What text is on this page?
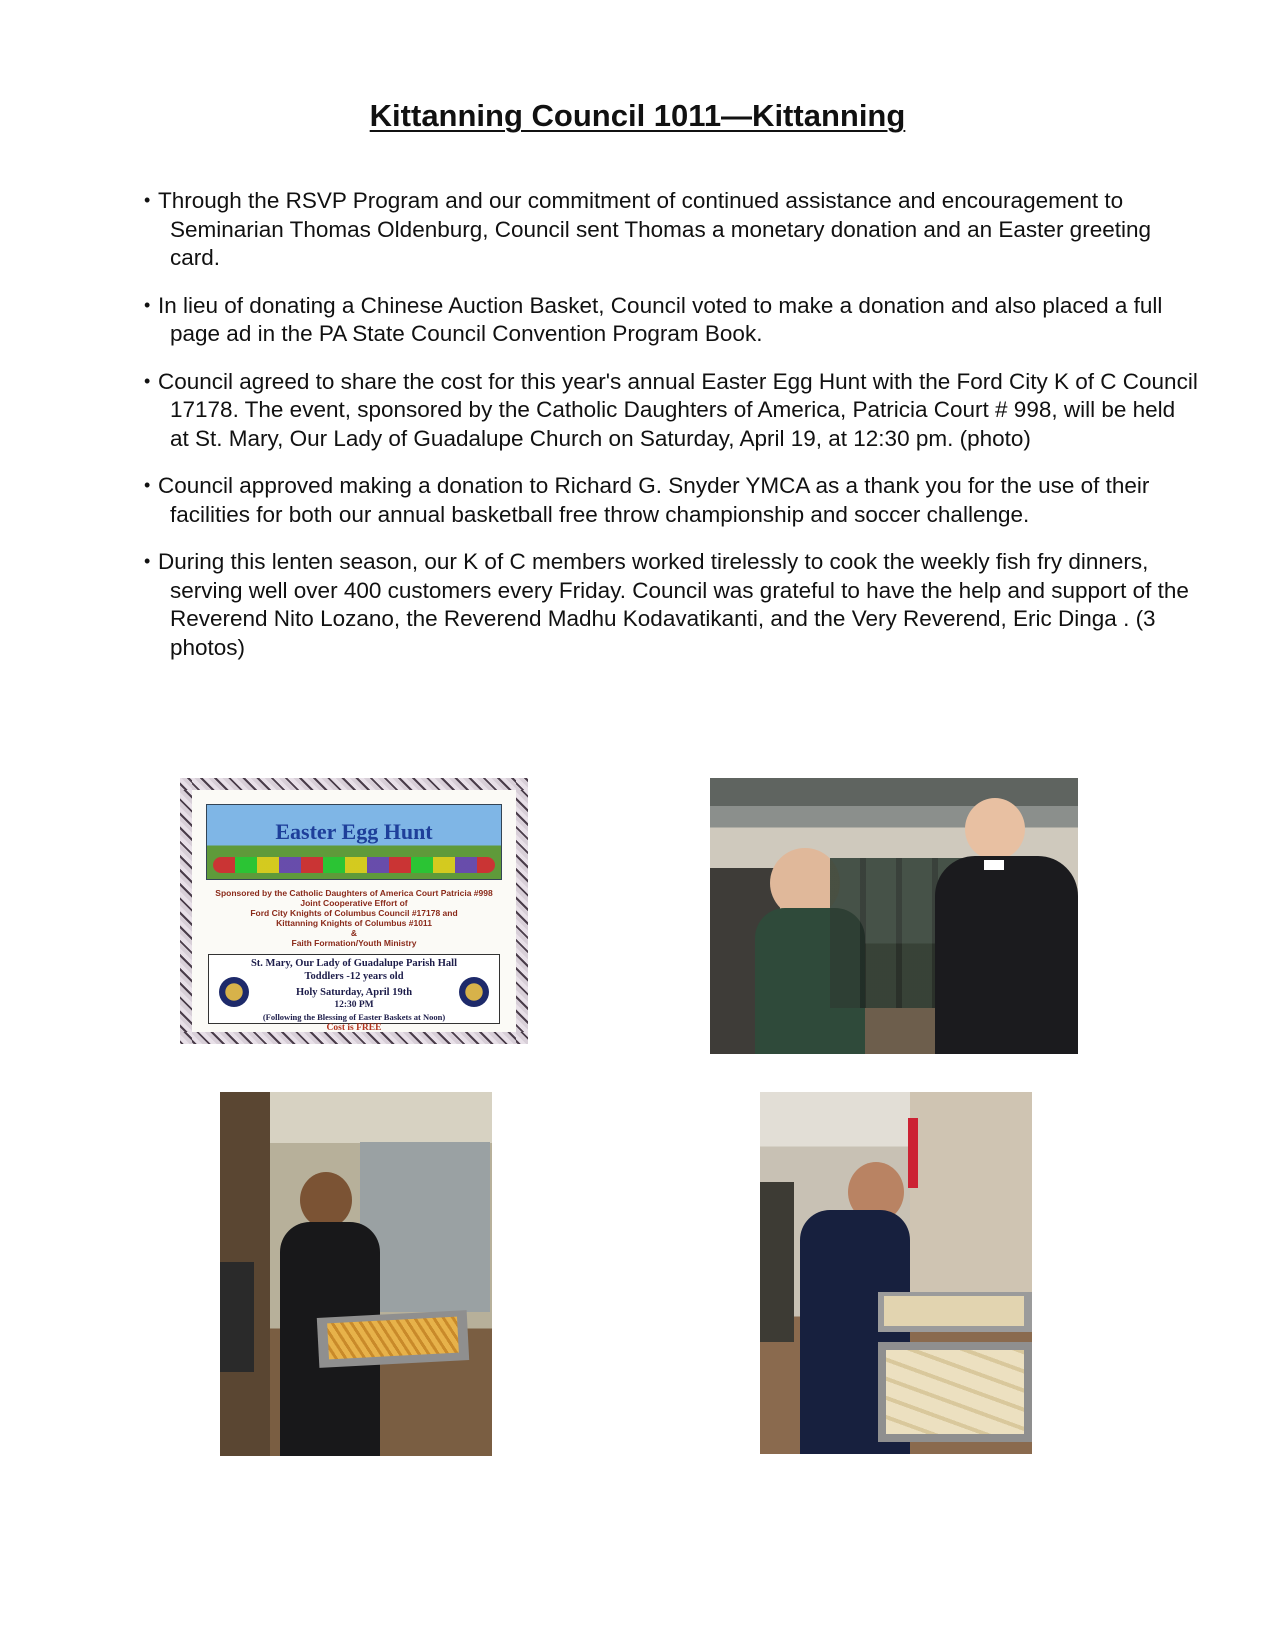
Kittanning Council 1011—Kittanning
• Through the RSVP Program and our commitment of continued assistance and encouragement to Seminarian Thomas Oldenburg, Council sent Thomas a monetary donation and an Easter greeting card.
• In lieu of donating a Chinese Auction Basket, Council voted to make a donation and also placed a full page ad in the PA State Council Convention Program Book.
• Council agreed to share the cost for this year's annual Easter Egg Hunt with the Ford City K of C Council 17178. The event, sponsored by the Catholic Daughters of America, Patricia Court # 998, will be held at St. Mary, Our Lady of Guadalupe Church on Saturday, April 19, at 12:30 pm. (photo)
• Council approved making a donation to Richard G. Snyder YMCA as a thank you for the use of their facilities for both our annual basketball free throw championship and soccer challenge.
• During this lenten season, our K of C members worked tirelessly to cook the weekly fish fry dinners, serving well over 400 customers every Friday. Council was grateful to have the help and support of the Reverend Nito Lozano, the Reverend Madhu Kodavatikanti, and the Very Reverend, Eric Dinga . (3 photos)
Easter Egg Hunt
Sponsored by the Catholic Daughters of America Court Patricia #998
Joint Cooperative Effort of
Ford City Knights of Columbus Council #17178 and
Kittanning Knights of Columbus #1011
&
Faith Formation/Youth Ministry
St. Mary, Our Lady of Guadalupe Parish Hall
Toddlers -12 years old
Holy Saturday, April 19th
12:30 PM
(Following the Blessing of Easter Baskets at Noon)
Cost is FREE
